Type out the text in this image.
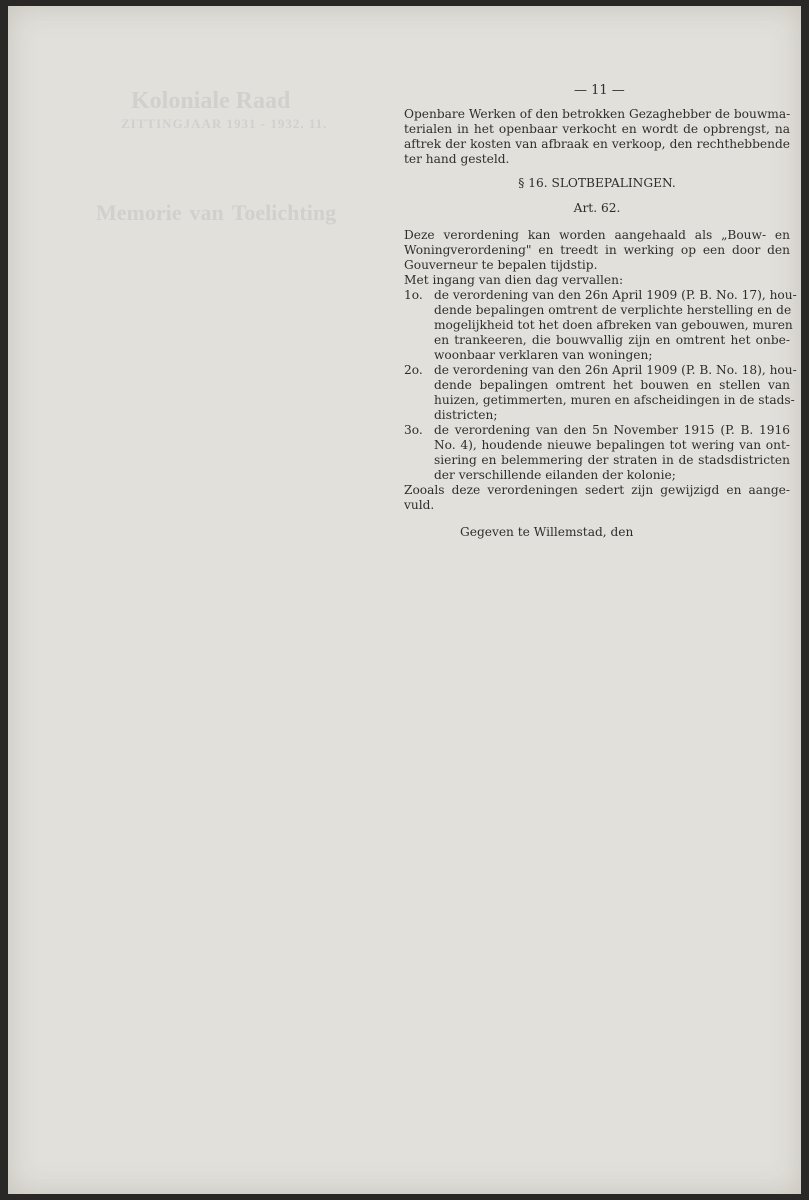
Koloniale Raad
ZITTINGJAAR 1931 - 1932. 11.
Memorie van Toelichting
— 11 —
Openbare Werken of den betrokken Gezaghebber de bouwma-
terialen in het openbaar verkocht en wordt de opbrengst, na
aftrek der kosten van afbraak en verkoop, den rechthebbende
ter hand gesteld.
§ 16. SLOTBEPALINGEN.
Art. 62.
Deze verordening kan worden aangehaald als „Bouw- en
Woningverordening" en treedt in werking op een door den
Gouverneur te bepalen tijdstip.
Met ingang van dien dag vervallen:
1o. de verordening van den 26n April 1909 (P. B. No. 17), hou-
dende bepalingen omtrent de verplichte herstelling en de
mogelijkheid tot het doen afbreken van gebouwen, muren
en trankeeren, die bouwvallig zijn en omtrent het onbe-
woonbaar verklaren van woningen;
2o. de verordening van den 26n April 1909 (P. B. No. 18), hou-
dende bepalingen omtrent het bouwen en stellen van
huizen, getimmerten, muren en afscheidingen in de stads-
districten;
3o. de verordening van den 5n November 1915 (P. B. 1916
No. 4), houdende nieuwe bepalingen tot wering van ont-
siering en belemmering der straten in de stadsdistricten
der verschillende eilanden der kolonie;
Zooals deze verordeningen sedert zijn gewijzigd en aange-
vuld.
Gegeven te Willemstad, den
